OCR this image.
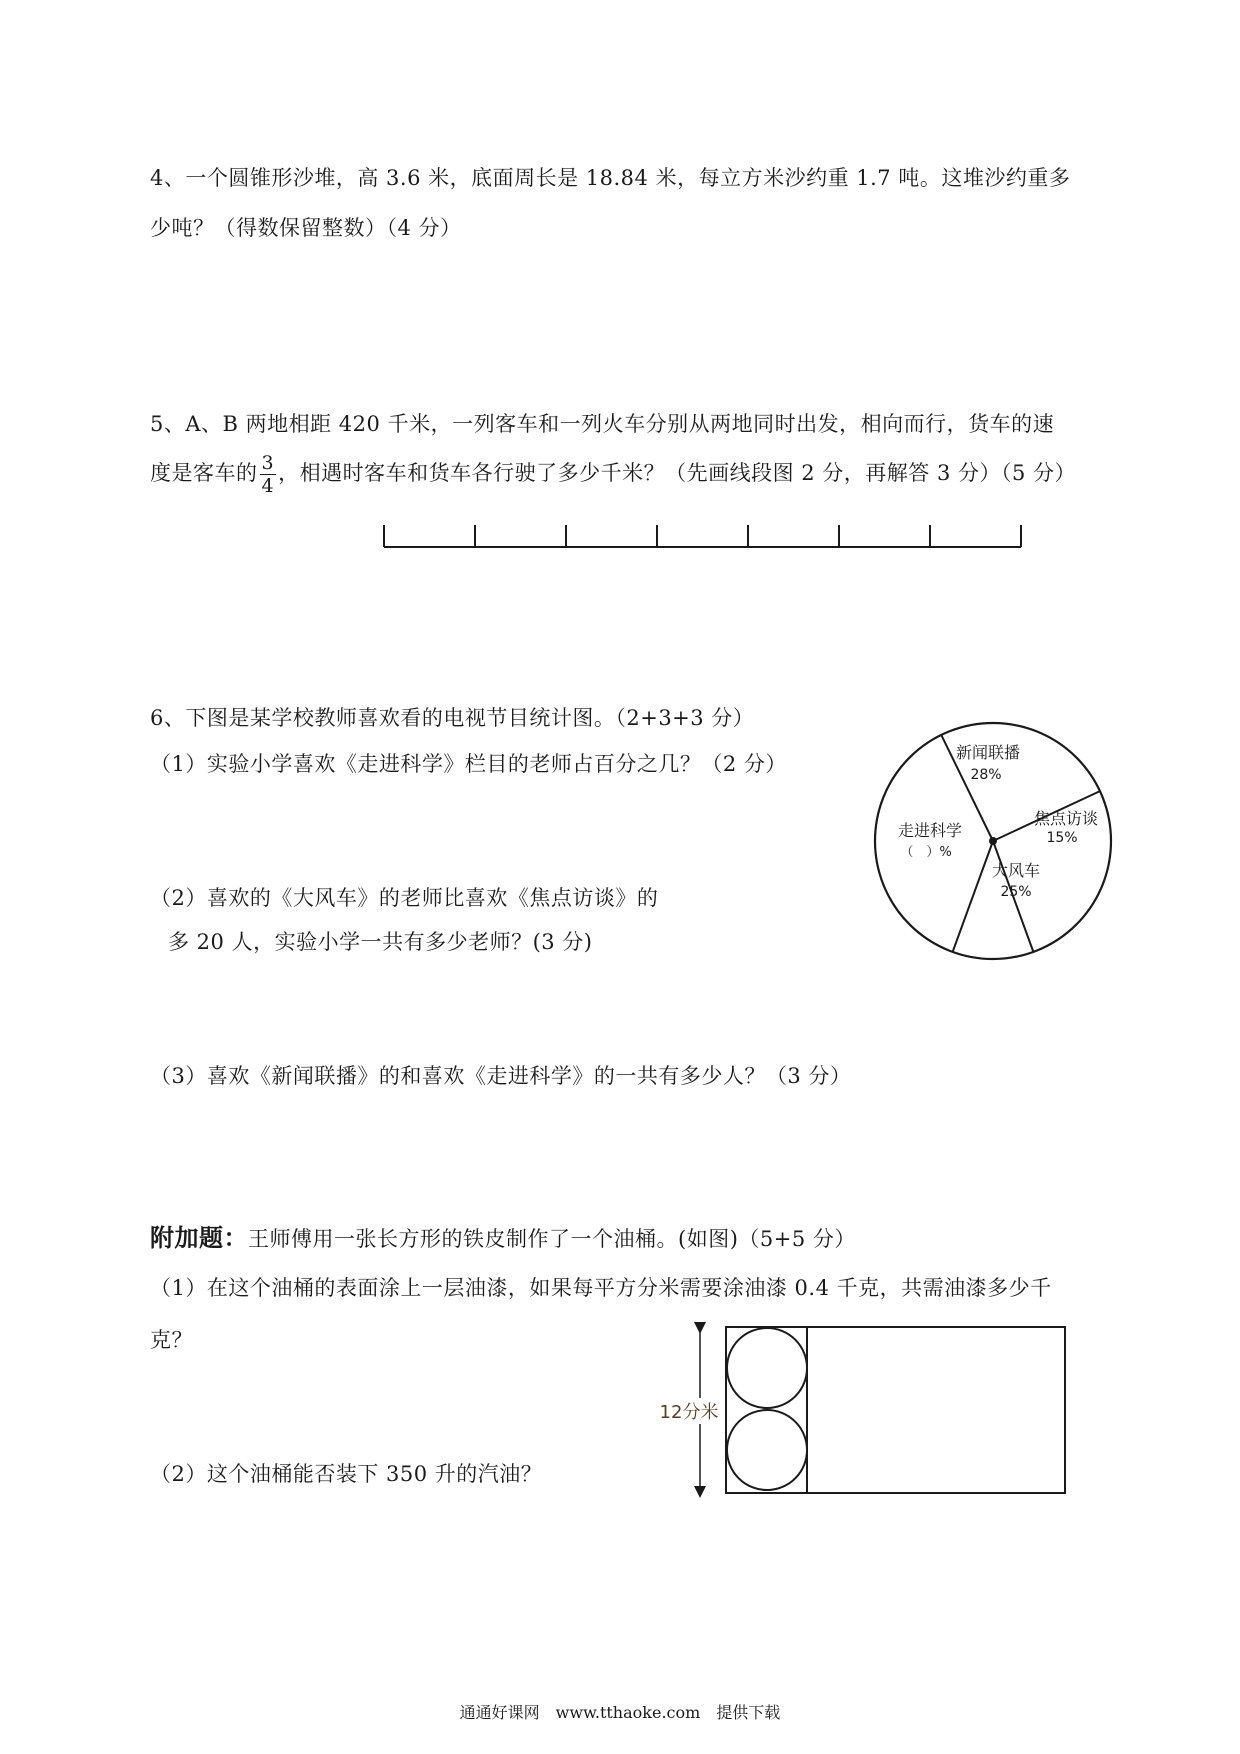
4、一个圆锥形沙堆，高 3.6 米，底面周长是 18.84 米，每立方米沙约重 1.7 吨。这堆沙约重多
少吨？（得数保留整数）（4 分）
5、A、B 两地相距 420 千米，一列客车和一列火车分别从两地同时出发，相向而行，货车的速
度是客车的 $\frac{3}{4}$ ，相遇时客车和货车各行驶了多少千米？（先画线段图 2 分，再解答 3 分）（5 分）
6、下图是某学校教师喜欢看的电视节目统计图。（2+3+3 分）
（1）实验小学喜欢《走进科学》栏目的老师占百分之几？（2 分）
（2）喜欢的《大风车》的老师比喜欢《焦点访谈》的
多 20 人，实验小学一共有多少老师？(3 分)
（3）喜欢《新闻联播》的和喜欢《走进科学》的一共有多少人？（3 分）
新闻联播
28%
焦点访谈
15%
大风车
25%
走进科学
（　）%
附加题：王师傅用一张长方形的铁皮制作了一个油桶。(如图)（5+5 分）
（1）在这个油桶的表面涂上一层油漆，如果每平方分米需要涂油漆 0.4 千克，共需油漆多少千
克？
（2）这个油桶能否装下 350 升的汽油？
12分米
通通好课网　www.tthaoke.com　提供下载
